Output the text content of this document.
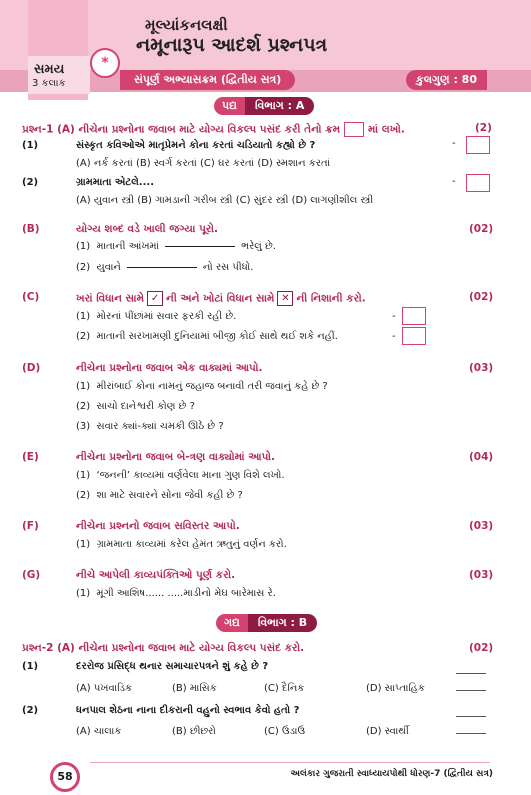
સમય
3 કલાક
*
મૂલ્યાંકનલક્ષી
નમૂનારૂપ આદર્શ પ્રશ્નપત્ર
સંપૂર્ણ અભ્યાસક્રમ (દ્વિતીય સત્ર)	કુલગુણ : 80
પદ્ય વિભાગ : A
પ્રશ્ન-1 (A) નીચેના પ્રશ્નોના જવાબ માટે યોગ્ય વિકલ્પ પસંદ કરી તેનો ક્રમ	માં લખો.	(2)
(1)	સંસ્કૃત કવિઓએ માતૃપ્રેમને કોના કરતાં ચડિયાતો કહ્યો છે ?	-
(A) નર્ક કરતાં (B) સ્વર્ગ કરતાં (C) ઘર કરતાં (D) સ્મશાન કરતાં
(2)	ગ્રામમાતા એટલે....	-
(A) યુવાન સ્ત્રી (B) ગામડાની ગરીબ સ્ત્રી (C) સુંદર સ્ત્રી (D) લાગણીશીલ સ્ત્રી
(B)	યોગ્ય શબ્દ વડે ખાલી જગ્યા પૂરો.	(02)
(1) માતાની આંખમાં	ભરેલું છે.
(2) યુવાને	નો રસ પીધો.
(C)	ખરાં વિધાન સામે ✓ ની અને ખોટાં વિધાન સામે ✕ ની નિશાની કરો.	(02)
(1) મોરનાં પીંછાંમાં સવાર ફરકી રહી છે.	-
(2) માતાની સરખામણી દુનિયામાં બીજી કોઈ સાથે થઈ શકે નહીં.	-
(D)	નીચેના પ્રશ્નોના જવાબ એક વાક્યમાં આપો.	(03)
(1) મીરાંબાઈ કોના નામનું જહાજ બનાવી તરી જવાનું કહે છે ?
(2) સાચો દાનેશ્વરી કોણ છે ?
(3) સવાર ક્યાં-ક્યાં ચમકી ઊઠે છે ?
(E)	નીચેના પ્રશ્નોના જવાબ બે-ત્રણ વાક્યોમાં આપો.	(04)
(1) ‘જનની’ કાવ્યમાં વર્ણવેલા માના ગુણ વિશે લખો.
(2) શા માટે સવારને સોના જેવી કહી છે ?
(F)	નીચેના પ્રશ્નનો જવાબ સવિસ્તર આપો.	(03)
(1) ગ્રામમાતા કાવ્યમાં કરેલ હેમંત ઋતુનું વર્ણન કરો.
(G)	નીચે આપેલી કાવ્યપંક્તિઓ પૂર્ણ કરો.	(03)
(1) મૂંગી આશિષ...... .....માડીનો મેઘ બારેમાસ રે.
ગદ્ય વિભાગ : B
પ્રશ્ન-2 (A) નીચેના પ્રશ્નોના જવાબ માટે યોગ્ય વિકલ્પ પસંદ કરો.	(02)
(1)	દરરોજ પ્રસિદ્ધ થનાર સમાચારપત્રને શું કહે છે ?
(A) પખવાડિક	(B) માસિક	(C) દૈનિક	(D) સાપ્તાહિક
(2)	ધનપાલ શેઠના નાના દીકરાની વહુનો સ્વભાવ કેવો હતો ?
(A) ચાલાક	(B) છીછરો	(C) ઉડાઉ	(D) સ્વાર્થી
58	અલંકાર ગુજરાતી સ્વાધ્યાયપોથી ધોરણ-7 (દ્વિતીય સત્ર)
